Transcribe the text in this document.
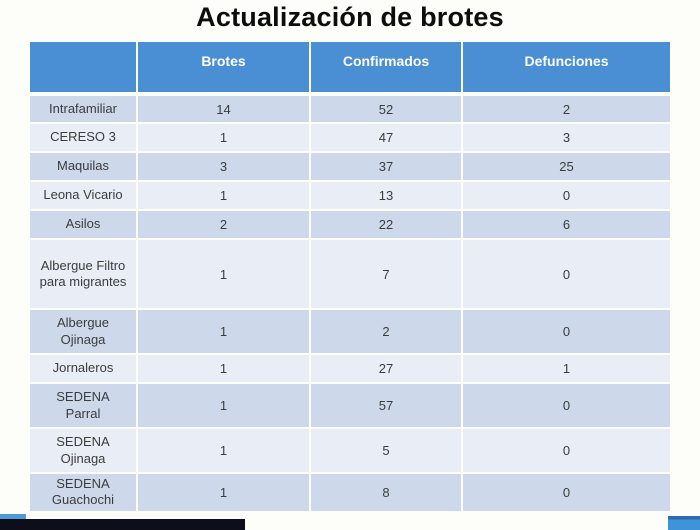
Actualización de brotes
	Brotes	Confirmados	Defunciones
Intrafamiliar	14	52	2
CERESO 3	1	47	3
Maquilas	3	37	25
Leona Vicario	1	13	0
Asilos	2	22	6
Albergue Filtro para migrantes	1	7	0
Albergue Ojinaga	1	2	0
Jornaleros	1	27	1
SEDENA Parral	1	57	0
SEDENA Ojinaga	1	5	0
SEDENA Guachochi	1	8	0
